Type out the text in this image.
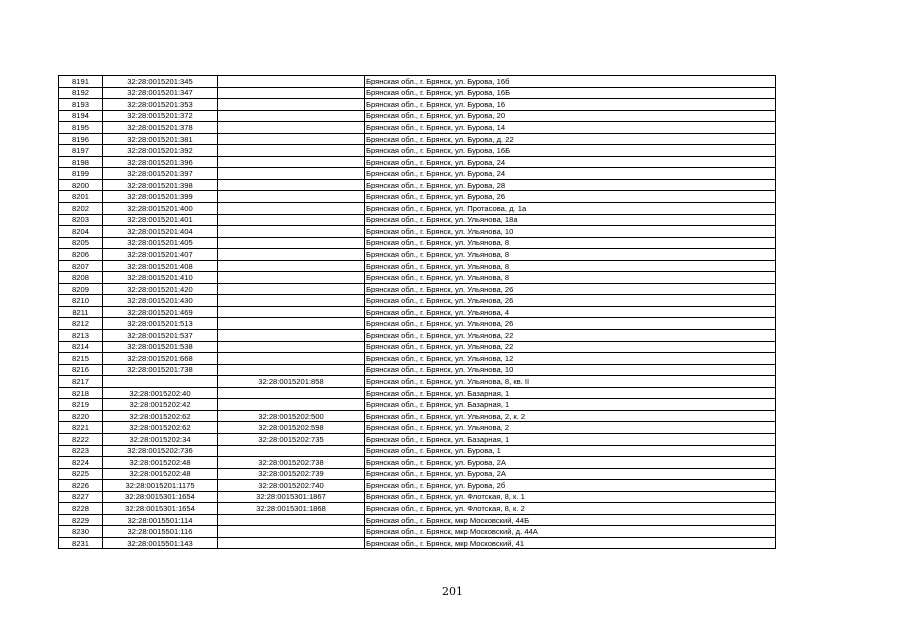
8191	32:28:0015201:345		Брянская обл., г. Брянск, ул. Бурова, 16б
8192	32:28:0015201:347		Брянская обл., г. Брянск, ул. Бурова, 16Б
8193	32:28:0015201:353		Брянская обл., г. Брянск, ул. Бурова, 16
8194	32:28:0015201:372		Брянская обл., г. Брянск, ул. Бурова, 20
8195	32:28:0015201:378		Брянская обл., г. Брянск, ул. Бурова, 14
8196	32:28:0015201:381		Брянская обл., г. Брянск, ул. Бурова, д. 22
8197	32:28:0015201:392		Брянская обл., г. Брянск, ул. Бурова, 16Б
8198	32:28:0015201:396		Брянская обл., г. Брянск, ул. Бурова, 24
8199	32:28:0015201:397		Брянская обл., г. Брянск, ул. Бурова, 24
8200	32:28:0015201:398		Брянская обл., г. Брянск, ул. Бурова, 28
8201	32:28:0015201:399		Брянская обл., г. Брянск, ул. Бурова, 26
8202	32:28:0015201:400		Брянская обл., г. Брянск, ул. Протасова, д. 1а
8203	32:28:0015201:401		Брянская обл., г. Брянск, ул. Ульянова, 18а
8204	32:28:0015201:404		Брянская обл., г. Брянск, ул. Ульянова, 10
8205	32:28:0015201:405		Брянская обл., г. Брянск, ул. Ульянова, 8
8206	32:28:0015201:407		Брянская обл., г. Брянск, ул. Ульянова, 8
8207	32:28:0015201:408		Брянская обл., г. Брянск, ул. Ульянова, 8
8208	32:28:0015201:410		Брянская обл., г. Брянск, ул. Ульянова, 8
8209	32:28:0015201:420		Брянская обл., г. Брянск, ул. Ульянова, 26
8210	32:28:0015201:430		Брянская обл., г. Брянск, ул. Ульянова, 26
8211	32:28:0015201:469		Брянская обл., г. Брянск, ул. Ульянова, 4
8212	32:28:0015201:513		Брянская обл., г. Брянск, ул. Ульянова, 26
8213	32:28:0015201:537		Брянская обл., г. Брянск, ул. Ульянова, 22
8214	32:28:0015201:538		Брянская обл., г. Брянск, ул. Ульянова, 22
8215	32:28:0015201:668		Брянская обл., г. Брянск, ул. Ульянова, 12
8216	32:28:0015201:738		Брянская обл., г. Брянск, ул. Ульянова, 10
8217		32:28:0015201:858	Брянская обл., г. Брянск, ул. Ульянова, 8, кв. II
8218	32:28:0015202:40		Брянская обл., г. Брянск, ул. Базарная, 1
8219	32:28:0015202:42		Брянская обл., г. Брянск, ул. Базарная, 1
8220	32:28:0015202:62	32:28:0015202:500	Брянская обл., г. Брянск, ул. Ульянова, 2, к. 2
8221	32:28:0015202:62	32:28:0015202:598	Брянская обл., г. Брянск, ул. Ульянова, 2
8222	32:28:0015202:34	32:28:0015202:735	Брянская обл., г. Брянск, ул. Базарная, 1
8223	32:28:0015202:736		Брянская обл., г. Брянск, ул. Бурова, 1
8224	32:28:0015202:48	32:28:0015202:738	Брянская обл., г. Брянск, ул. Бурова, 2А
8225	32:28:0015202:48	32:28:0015202:739	Брянская обл., г. Брянск, ул. Бурова, 2А
8226	32:28:0015201:1175	32:28:0015202:740	Брянская обл., г. Брянск, ул. Бурова, 2б
8227	32:28:0015301:1654	32:28:0015301:1867	Брянская обл., г. Брянск, ул. Флотская, 8, к. 1
8228	32:28:0015301:1654	32:28:0015301:1868	Брянская обл., г. Брянск, ул. Флотская, 8, к. 2
8229	32:28:0015501:114		Брянская обл., г. Брянск, мкр Московский, 44Б
8230	32:28:0015501:116		Брянская обл., г. Брянск, мкр Московский, д. 44А
8231	32:28:0015501:143		Брянская обл., г. Брянск, мкр Московский, 41
201
